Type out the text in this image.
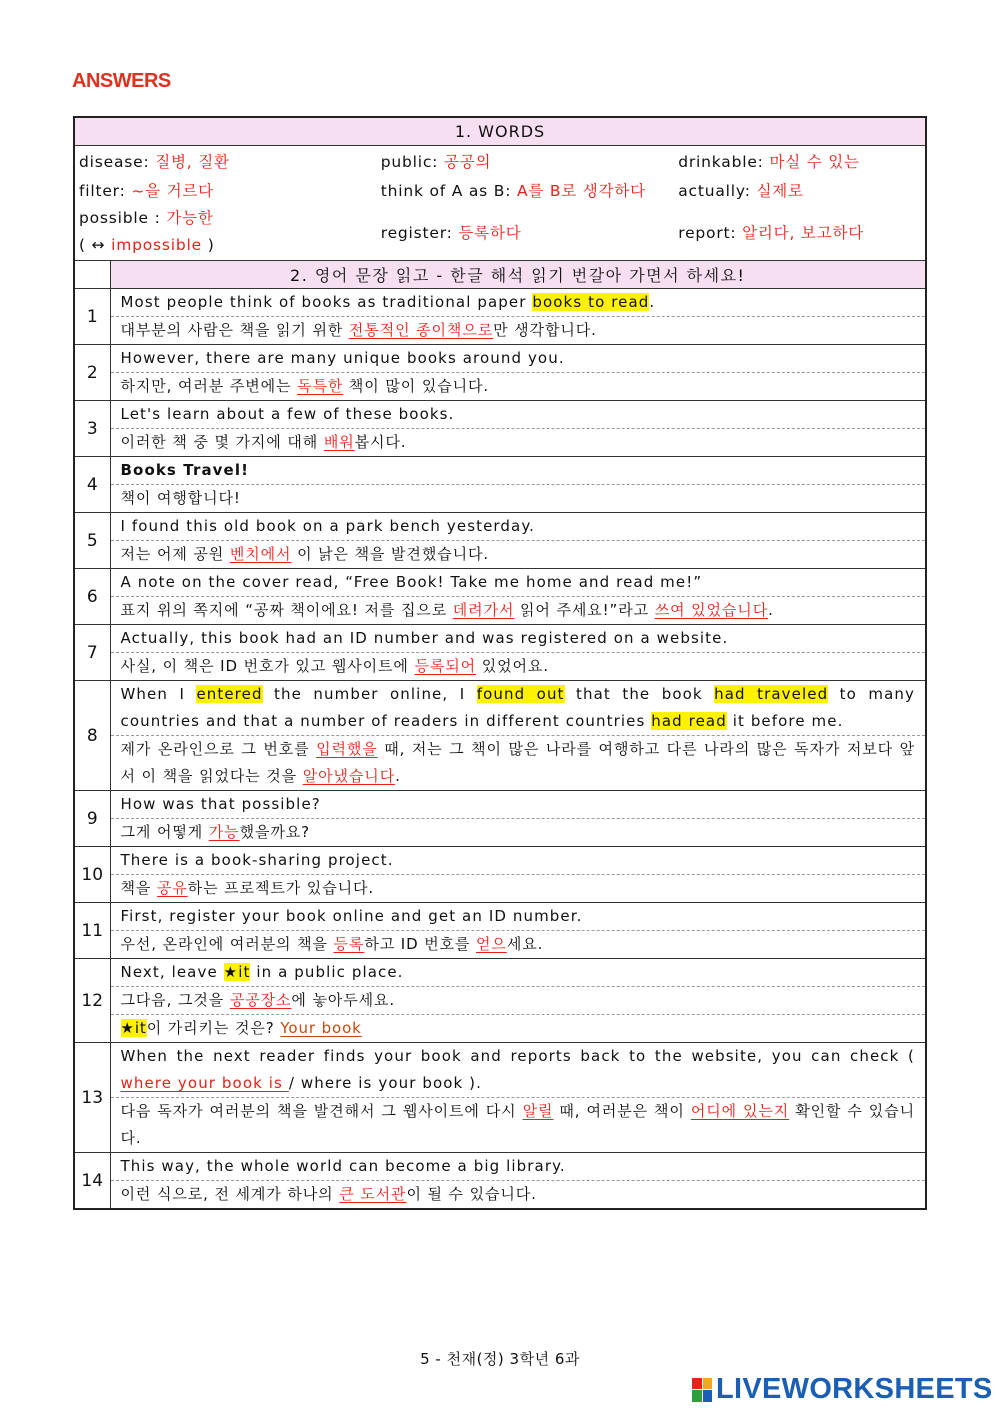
ANSWERS
1. WORDS

disease: 질병, 질환	public: 공공의	drinkable: 마실 수 있는
filter: ~을 거르다	think of A as B: A를 B로 생각하다	actually: 실제로
possible : 가능한
( ↔ impossible )	register: 등록하다	report: 알리다, 보고하다

	2. 영어 문장 읽고 - 한글 해석 읽기 번갈아 가면서 하세요!
1	
Most people think of books as traditional paper books to read.
대부분의 사람은 책을 읽기 위한 전통적인 종이책으로만 생각합니다.

2	
However, there are many unique books around you.
하지만, 여러분 주변에는 독특한 책이 많이 있습니다.

3	
Let's learn about a few of these books.
이러한 책 중 몇 가지에 대해 배워봅시다.

4	
Books Travel!
책이 여행합니다!

5	
I found this old book on a park bench yesterday.
저는 어제 공원 벤치에서 이 낡은 책을 발견했습니다.

6	
A note on the cover read, “Free Book! Take me home and read me!”
표지 위의 쪽지에 “공짜 책이에요! 저를 집으로 데려가서 읽어 주세요!”라고 쓰여 있었습니다.

7	
Actually, this book had an ID number and was registered on a website.
사실, 이 책은 ID 번호가 있고 웹사이트에 등록되어 있었어요.

8	
When I entered the number online, I found out that the book had traveled to many countries and that a number of readers in different countries had read it before me.
제가 온라인으로 그 번호를 입력했을 때, 저는 그 책이 많은 나라를 여행하고 다른 나라의 많은 독자가 저보다 앞서 이 책을 읽었다는 것을 알아냈습니다.

9	
How was that possible?
그게 어떻게 가능했을까요?

10	
There is a book-sharing project.
책을 공유하는 프로젝트가 있습니다.

11	
First, register your book online and get an ID number.
우선, 온라인에 여러분의 책을 등록하고 ID 번호를 얻으세요.

12	
Next, leave ★it in a public place.
그다음, 그것을 공공장소에 놓아두세요.
★it이 가리키는 것은? Your book

13	
When the next reader finds your book and reports back to the website, you can check ( where your book is / where is your book ).
다음 독자가 여러분의 책을 발견해서 그 웹사이트에 다시 알릴 때, 여러분은 책이 어디에 있는지 확인할 수 있습니다.

14	
This way, the whole world can become a big library.
이런 식으로, 전 세계가 하나의 큰 도서관이 될 수 있습니다.
5 - 천재(정) 3학년 6과
LIVEWORKSHEETS
